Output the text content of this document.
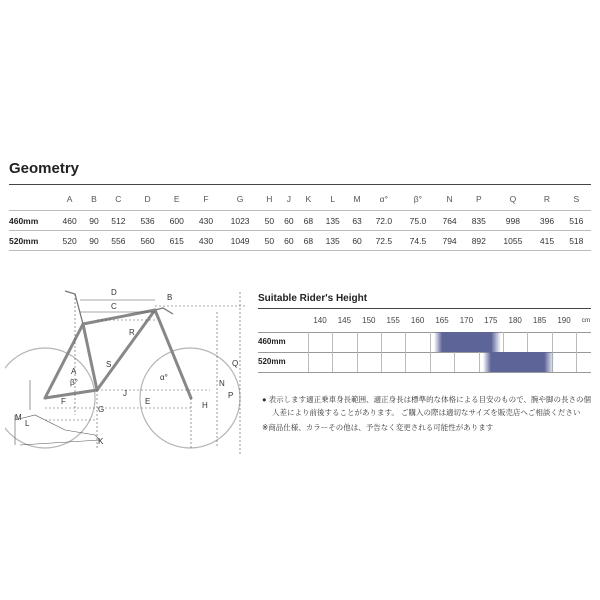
Geometry
	A	B	C	D	E	F	G	H	J	K	L	M	α°	β°	N	P	Q	R	S
460mm	460	90	512	536	600	430	1023	50	60	68	135	63	72.0	75.0	764	835	998	396	516
520mm	520	90	556	560	615	430	1049	50	60	68	135	60	72.5	74.5	794	892	1055	415	518
D
C
B
R
S
A
β°
α°
J
F
G
E
N
P
Q
H
M
L
K
Suitable Rider's Height
140 145 150 155 160 165 170 175 180 185 190 cm
460mm
520mm

● 表示します適正乗車身長範囲、適正身長は標準的な体格による目安のもので、腕や脚の長さの個人差により前後することがあります。 ご購入の際は適切なサイズを販売店へご相談ください

※商品仕様、カラーその他は、予告なく変更される可能性があります
